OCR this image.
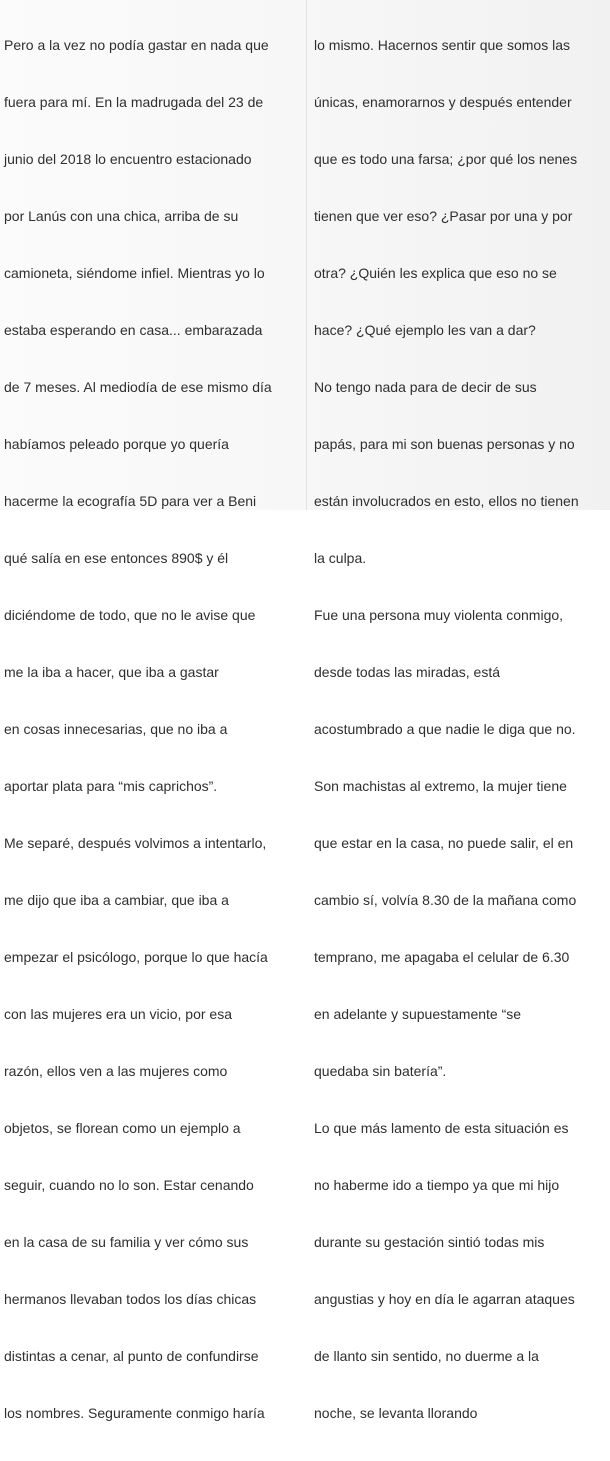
Pero a la vez no podía gastar en nada que

fuera para mí. En la madrugada del 23 de

junio del 2018 lo encuentro estacionado

por Lanús con una chica, arriba de su

camioneta, siéndome infiel. Mientras yo lo

estaba esperando en casa... embarazada

de 7 meses. Al mediodía de ese mismo día

habíamos peleado porque yo quería

hacerme la ecografía 5D para ver a Beni

qué salía en ese entonces 890$ y él

diciéndome de todo, que no le avise que

me la iba a hacer, que iba a gastar

en cosas innecesarias, que no iba a

aportar plata para “mis caprichos”.

Me separé, después volvimos a intentarlo,

me dijo que iba a cambiar, que iba a

empezar el psicólogo, porque lo que hacía

con las mujeres era un vicio, por esa

razón, ellos ven a las mujeres como

objetos, se florean como un ejemplo a

seguir, cuando no lo son. Estar cenando

en la casa de su familia y ver cómo sus

hermanos llevaban todos los días chicas

distintas a cenar, al punto de confundirse

los nombres. Seguramente conmigo haría

lo mismo. Hacernos sentir que somos las

únicas, enamorarnos y después entender

que es todo una farsa; ¿por qué los nenes

tienen que ver eso? ¿Pasar por una y por

otra? ¿Quién les explica que eso no se

hace? ¿Qué ejemplo les van a dar?

No tengo nada para de decir de sus

papás, para mi son buenas personas y no

están involucrados en esto, ellos no tienen

la culpa.

Fue una persona muy violenta conmigo,

desde todas las miradas, está

acostumbrado a que nadie le diga que no.

Son machistas al extremo, la mujer tiene

que estar en la casa, no puede salir, el en

cambio sí, volvía 8.30 de la mañana como

temprano, me apagaba el celular de 6.30

en adelante y supuestamente “se

quedaba sin batería”.

Lo que más lamento de esta situación es

no haberme ido a tiempo ya que mi hijo

durante su gestación sintió todas mis

angustias y hoy en día le agarran ataques

de llanto sin sentido, no duerme a la

noche, se levanta llorando
